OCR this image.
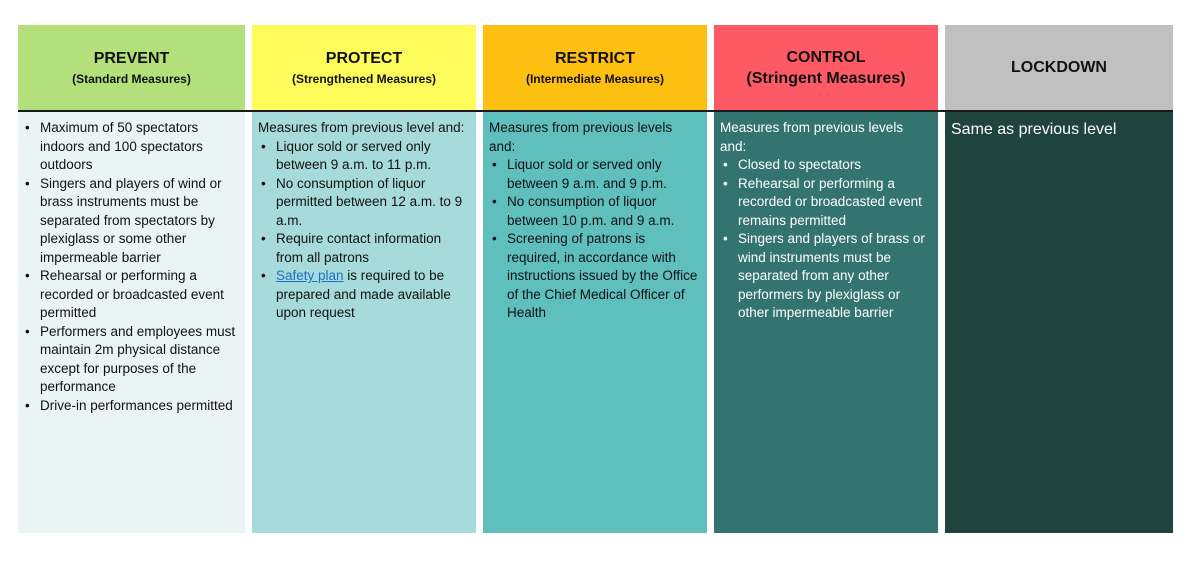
PREVENT
(Standard Measures)
• Maximum of 50 spectators indoors and 100 spectators outdoors
• Singers and players of wind or brass instruments must be separated from spectators by plexiglass or some other impermeable barrier
• Rehearsal or performing a recorded or broadcasted event permitted
• Performers and employees must maintain 2m physical distance except for purposes of the performance
• Drive-in performances permitted
PROTECT
(Strengthened Measures)

Measures from previous level and:

• Liquor sold or served only between 9 a.m. to 11 p.m.
• No consumption of liquor permitted between 12 a.m. to 9 a.m.
• Require contact information from all patrons
• Safety plan is required to be prepared and made available upon request
RESTRICT
(Intermediate Measures)

Measures from previous levels and:

• Liquor sold or served only between 9 a.m. and 9 p.m.
• No consumption of liquor between 10 p.m. and 9 a.m.
• Screening of patrons is required, in accordance with instructions issued by the Office of the Chief Medical Officer of Health
CONTROL
(Stringent Measures)

Measures from previous levels and:

• Closed to spectators
• Rehearsal or performing a recorded or broadcasted event remains permitted
• Singers and players of brass or wind instruments must be separated from any other performers by plexiglass or other impermeable barrier
LOCKDOWN
Same as previous level
